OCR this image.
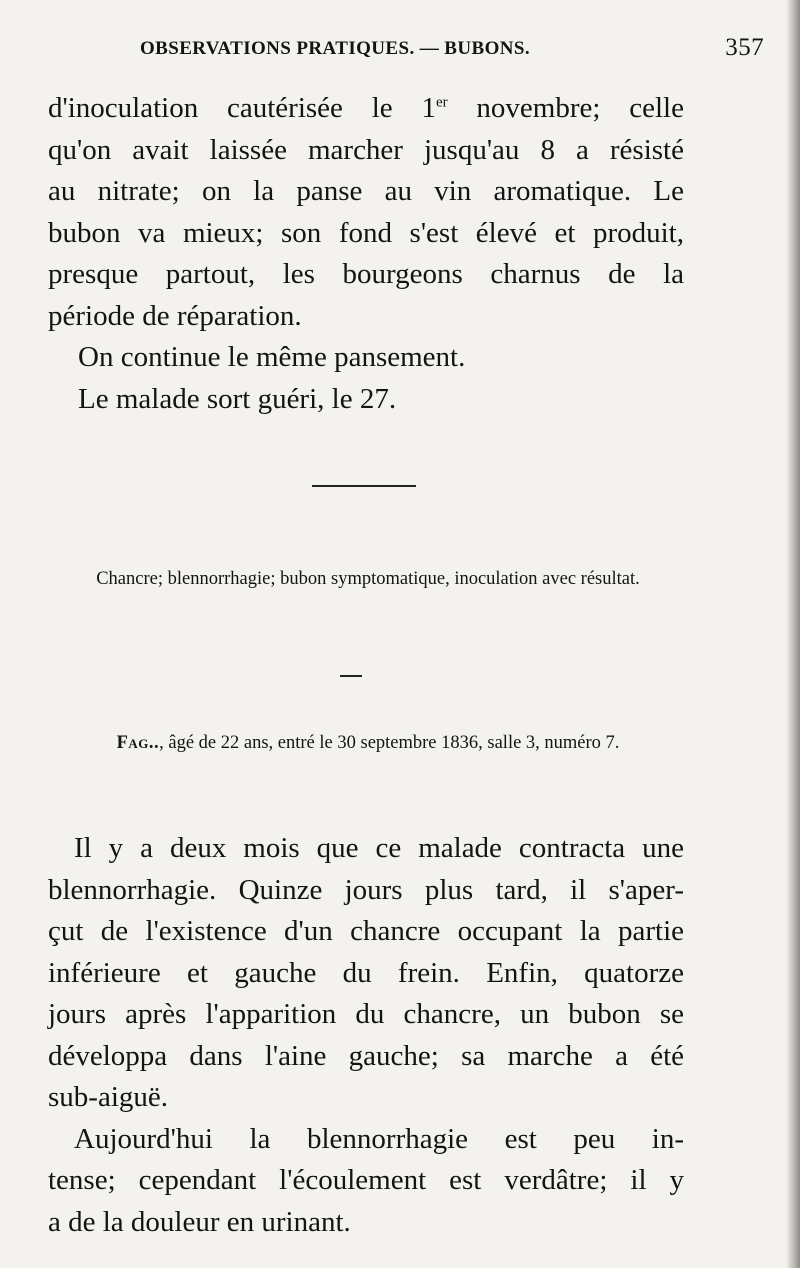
OBSERVATIONS PRATIQUES. — BUBONS.	357

d'inoculation cautérisée le 1er novembre; celle
qu'on avait laissée marcher jusqu'au 8 a résisté
au nitrate; on la panse au vin aromatique. Le
bubon va mieux; son fond s'est élevé et produit,
presque partout, les bourgeons charnus de la
période de réparation.

On continue le même pansement.

Le malade sort guéri, le 27.

Chancre; blennorrhagie; bubon symptomatique, inoculation avec résultat.
Fag.., âgé de 22 ans, entré le 30 septembre 1836, salle 3, numéro 7.

Il y a deux mois que ce malade contracta une
blennorrhagie. Quinze jours plus tard, il s'aper-
çut de l'existence d'un chancre occupant la partie
inférieure et gauche du frein. Enfin, quatorze
jours après l'apparition du chancre, un bubon se
développa dans l'aine gauche; sa marche a été
sub-aiguë.

Aujourd'hui la blennorrhagie est peu in-
tense; cependant l'écoulement est verdâtre; il y
a de la douleur en urinant.
